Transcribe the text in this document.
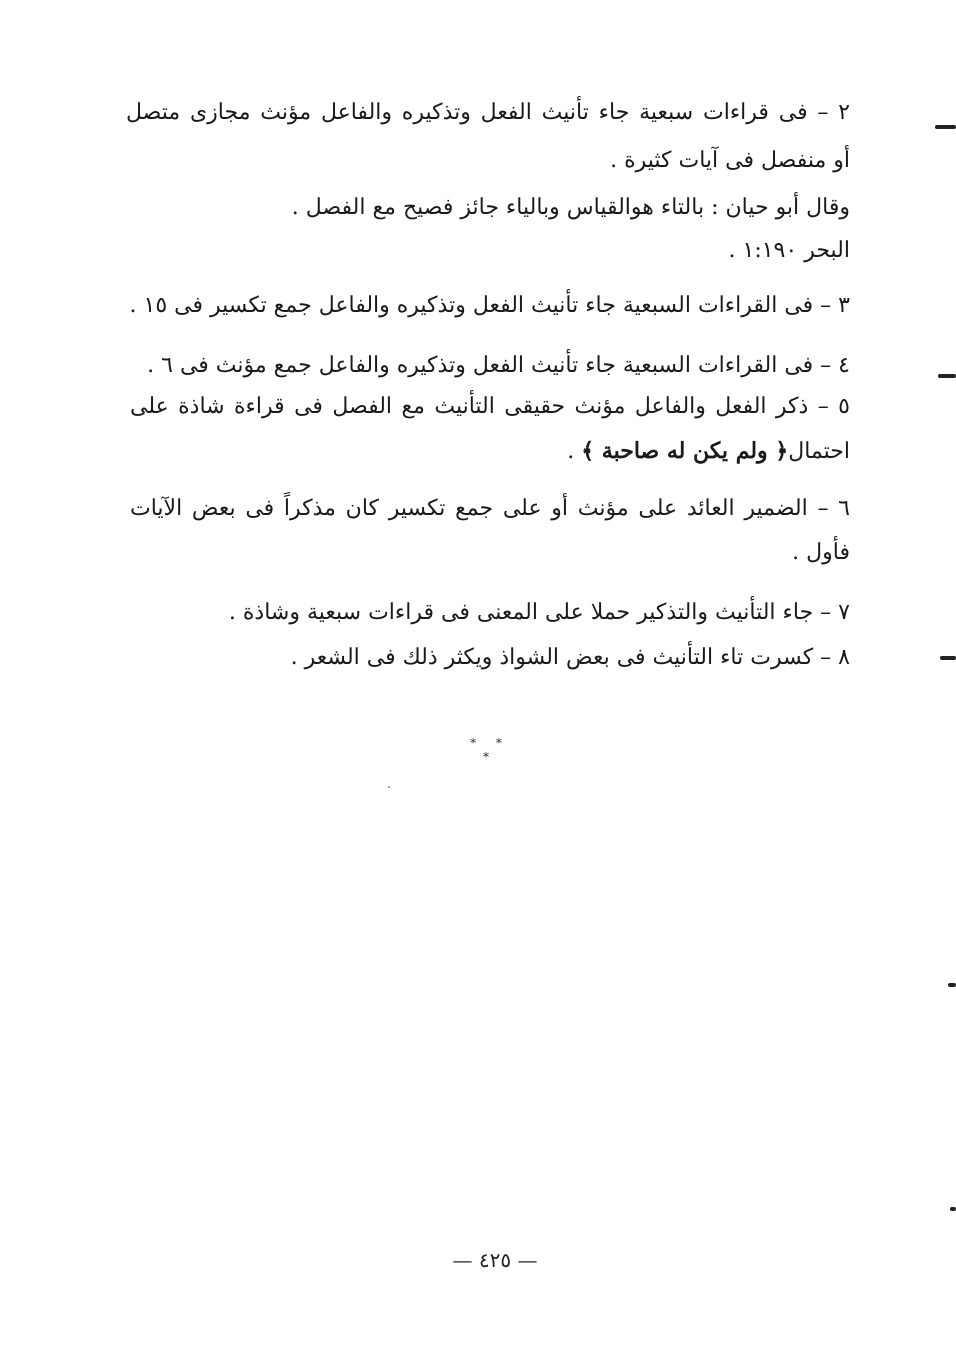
٢ – فى قراءات سبعية جاء تأنيث الفعل وتذكيره والفاعل مؤنث مجازى متصل
أو منفصل فى آيات كثيرة .
وقال أبو حيان : بالتاء هوالقياس وبالياء جائز فصيح مع الفصل .
البحر ١:١٩٠ .
٣ – فى القراءات السبعية جاء تأنيث الفعل وتذكيره والفاعل جمع تكسير فى ١٥ .
٤ – فى القراءات السبعية جاء تأنيث الفعل وتذكيره والفاعل جمع مؤنث فى ٦ .
٥ – ذكر الفعل والفاعل مؤنث حقيقى التأنيث مع الفصل فى قراءة شاذة على
احتمال﴿ ولم يكن له صاحبة ﴾ .
٦ – الضمير العائد على مؤنث أو على جمع تكسير كان مذكراً فى بعض الآيات
فأول .
٧ – جاء التأنيث والتذكير حملا على المعنى فى قراءات سبعية وشاذة .
٨ – كسرت تاء التأنيث فى بعض الشواذ ويكثر ذلك فى الشعر .
* * *
— ٤٢٥ —
